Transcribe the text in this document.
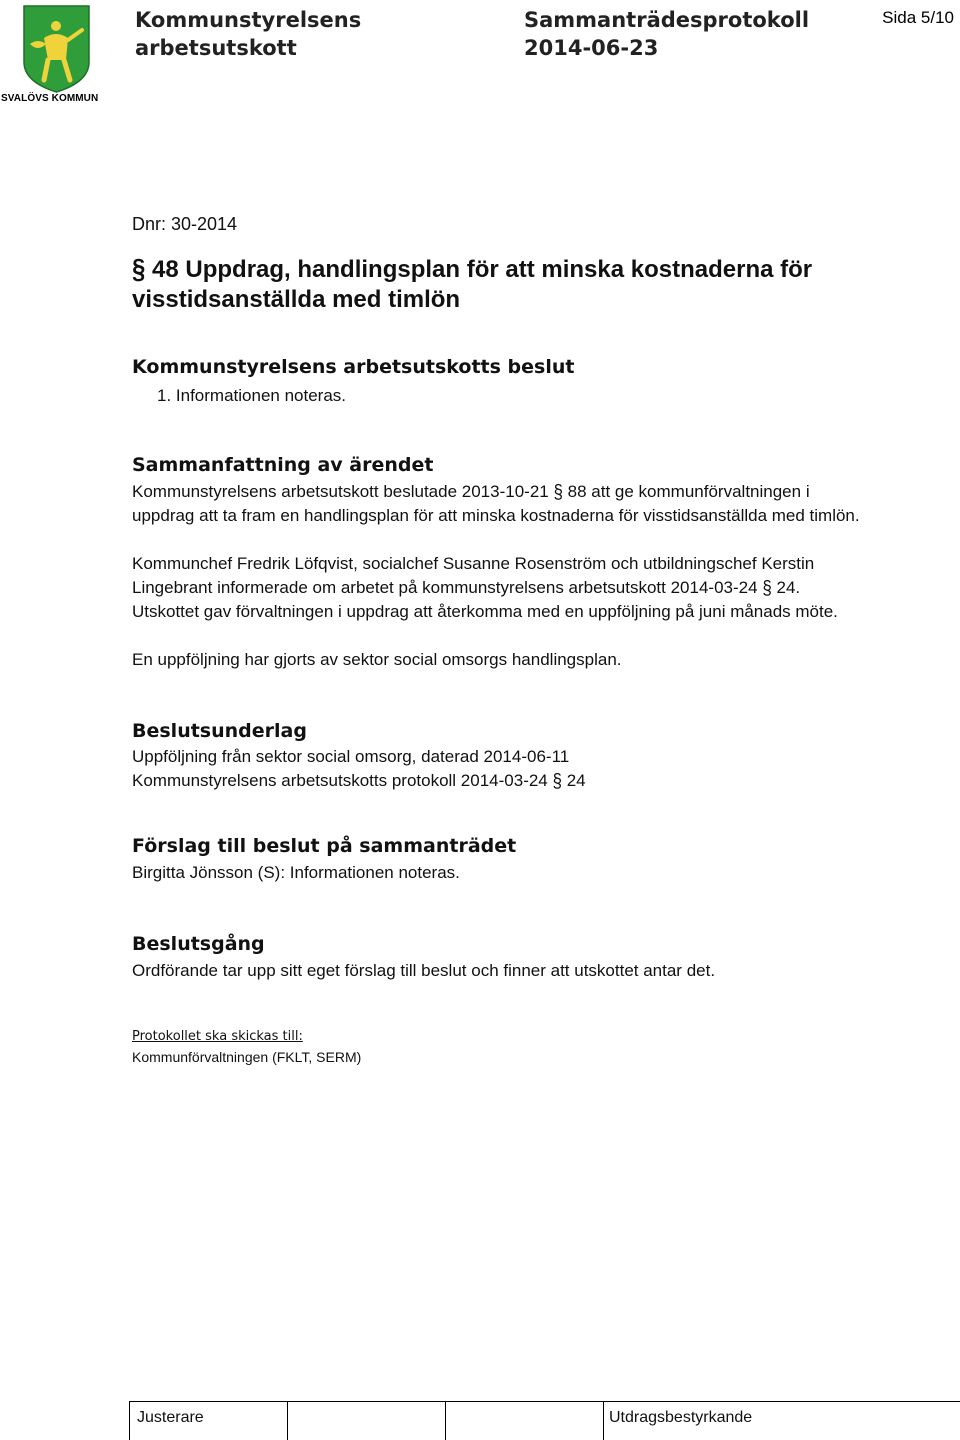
SVALÖVS KOMMUN
Kommunstyrelsens
arbetsutskott
Sammanträdesprotokoll
2014-06-23
Sida 5/10
Dnr: 30-2014
§ 48 Uppdrag, handlingsplan för att minska kostnaderna för
visstidsanställda med timlön
Kommunstyrelsens arbetsutskotts beslut
1. Informationen noteras.
Sammanfattning av ärendet
Kommunstyrelsens arbetsutskott beslutade 2013-10-21 § 88 att ge kommunförvaltningen i
uppdrag att ta fram en handlingsplan för att minska kostnaderna för visstidsanställda med timlön.
Kommunchef Fredrik Löfqvist, socialchef Susanne Rosenström och utbildningschef Kerstin
Lingebrant informerade om arbetet på kommunstyrelsens arbetsutskott 2014-03-24 § 24.
Utskottet gav förvaltningen i uppdrag att återkomma med en uppföljning på juni månads möte.
En uppföljning har gjorts av sektor social omsorgs handlingsplan.
Beslutsunderlag
Uppföljning från sektor social omsorg, daterad 2014-06-11
Kommunstyrelsens arbetsutskotts protokoll 2014-03-24 § 24
Förslag till beslut på sammanträdet
Birgitta Jönsson (S): Informationen noteras.
Beslutsgång
Ordförande tar upp sitt eget förslag till beslut och finner att utskottet antar det.
Protokollet ska skickas till:
Kommunförvaltningen (FKLT, SERM)
Justerare	Utdragsbestyrkande
